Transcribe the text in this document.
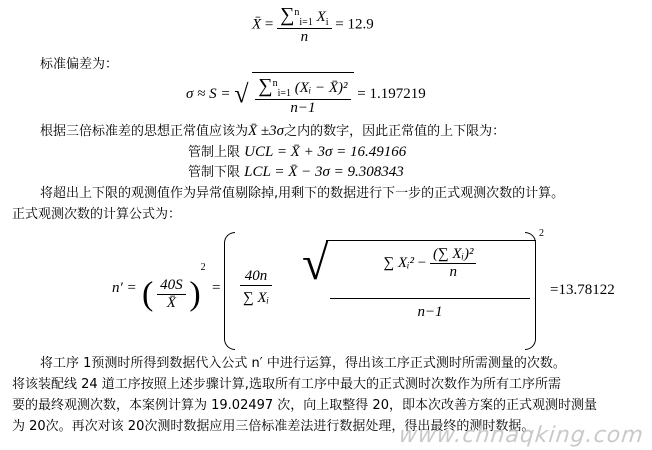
X̄ = $\frac{\sum^n_{i=1} X_i}{n} = 12.9$
标准偏差为：
σ ≈ S = √ $\frac{\sum^n_{i=1} (Xᵢ - X̄)^2}{n-1} = 1.197219$
根据三倍标准差的思想正常值应该为X̄ ±3σ之内的数字，因此正常值的上下限为：
管制上限 UCL = X̄ + 3σ = 16.49166
管制下限 LCL = X̄ − 3σ = 9.308343
将超出上下限的观测值作为异常值剔除掉,用剩下的数据进行下一步的正式观测次数的计算。
正式观测次数的计算公式为：
n′ = ( $\frac{40S}{X̄} )^2$
=
2
$\frac{40n}{\text{∑ Xᵢ}}$ √	∑ Xᵢ² − $\frac{\text{(∑ Xᵢ)²}}{n}$
n−1
=13.78122
将工序 1预测时所得到数据代入公式 n′ 中进行运算，得出该工序正式测时所需测量的次数。
将该装配线 24 道工序按照上述步骤计算,选取所有工序中最大的正式测时次数作为所有工序所需
要的最终观测次数，本案例计算为 19.02497 次，向上取整得 20，即本次改善方案的正式观测时测量
为 20次。再次对该 20次测时数据应用三倍标准差法进行数据处理，得出最终的测时数据。
www.chnaqking.com
